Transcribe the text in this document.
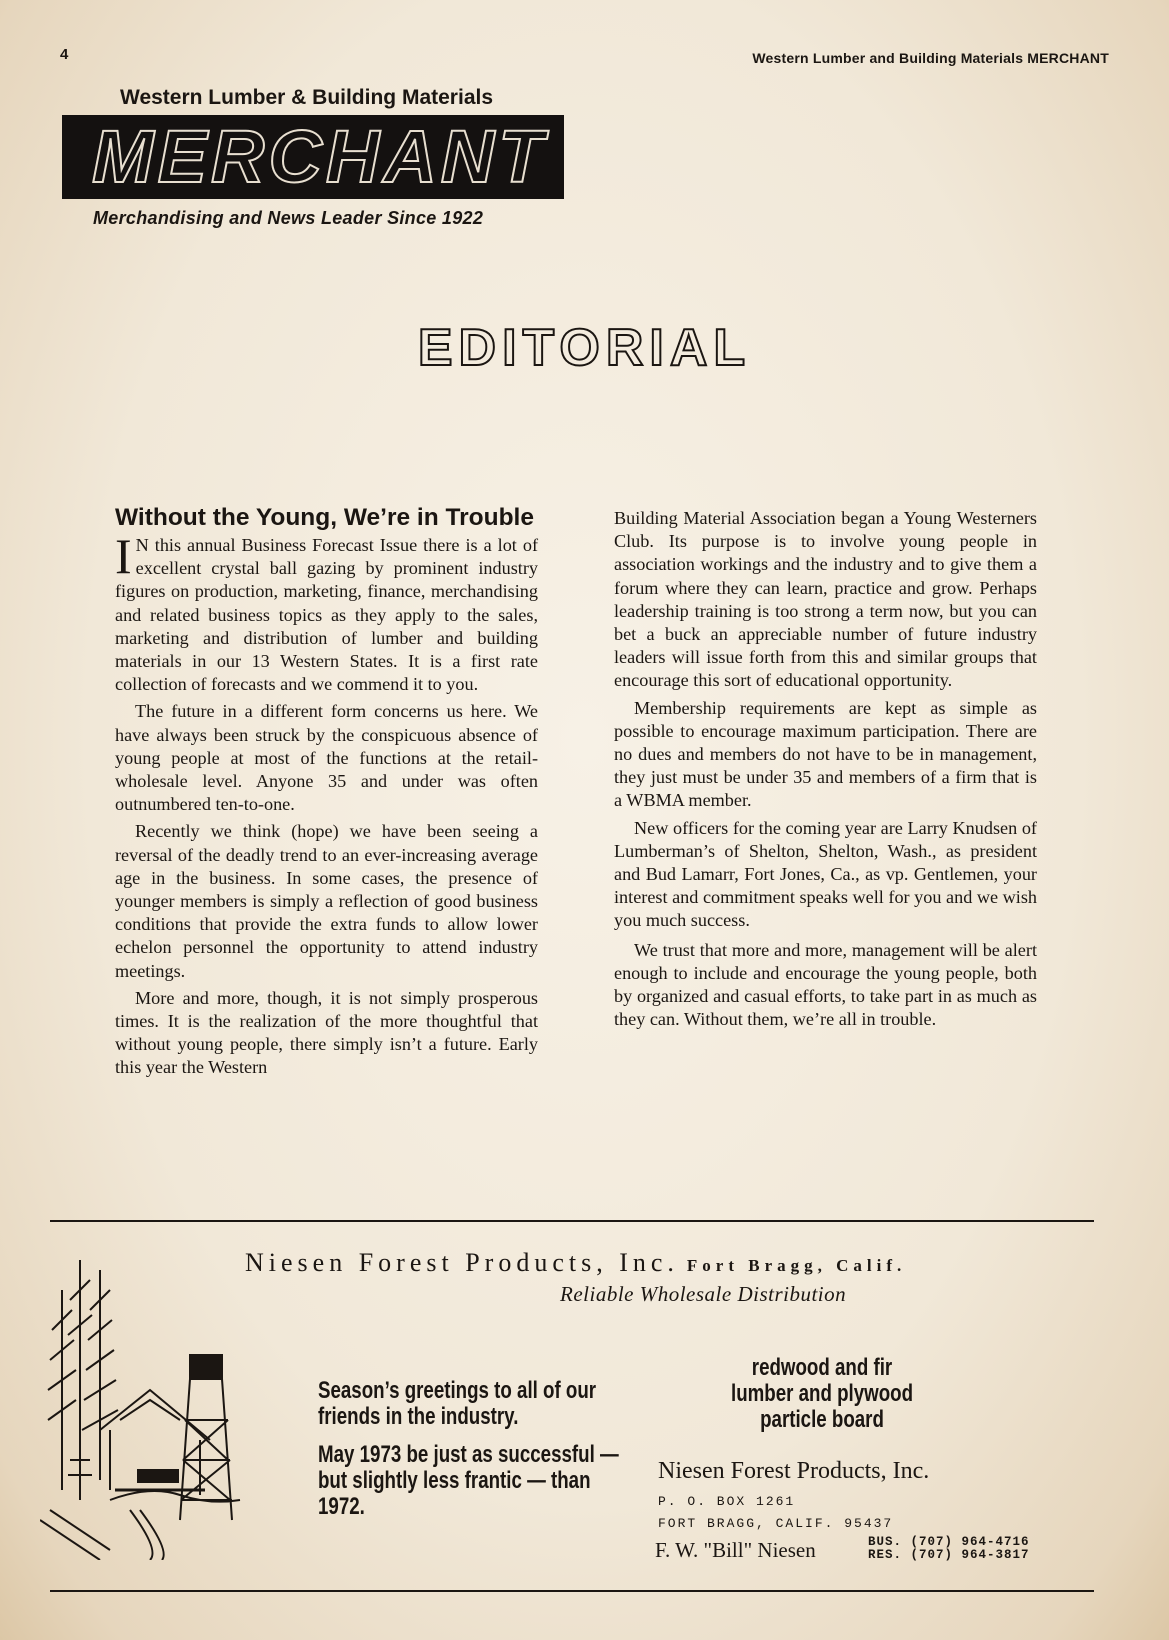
4	Western Lumber and Building Materials MERCHANT
Western Lumber & Building Materials
MERCHANT
Merchandising and News Leader Since 1922
EDITORIAL
Without the Young, We’re in Trouble

I N this annual Business Forecast Issue there is a lot of excellent crystal ball gazing by prominent industry figures on production, marketing, finance, merchandising and related business topics as they apply to the sales, marketing and distribution of lumber and building materials in our 13 Western States. It is a first rate collection of forecasts and we commend it to you.

The future in a different form concerns us here. We have always been struck by the conspicuous absence of young people at most of the functions at the retail-wholesale level. Anyone 35 and under was often outnumbered ten-to-one.

Recently we think (hope) we have been seeing a reversal of the deadly trend to an ever-increasing average age in the business. In some cases, the presence of younger members is simply a reflection of good business conditions that provide the extra funds to allow lower echelon personnel the opportunity to attend industry meetings.

More and more, though, it is not simply prosperous times. It is the realization of the more thoughtful that without young people, there simply isn’t a future. Early this year the Western

Building Material Association began a Young Westerners Club. Its purpose is to involve young people in association workings and the industry and to give them a forum where they can learn, practice and grow. Perhaps leadership training is too strong a term now, but you can bet a buck an appreciable number of future industry leaders will issue forth from this and similar groups that encourage this sort of educational opportunity.

Membership requirements are kept as simple as possible to encourage maximum participation. There are no dues and members do not have to be in management, they just must be under 35 and members of a firm that is a WBMA member.

New officers for the coming year are Larry Knudsen of Lumberman’s of Shelton, Shelton, Wash., as president and Bud Lamarr, Fort Jones, Ca., as vp. Gentlemen, your interest and commitment speaks well for you and we wish you much success.

We trust that more and more, management will be alert enough to include and encourage the young people, both by organized and casual efforts, to take part in as much as they can. Without them, we’re all in trouble.

Niesen Forest Products, Inc. Fort Bragg, Calif.
Reliable Wholesale Distribution
Season’s greetings to all of our friends in the industry.
May 1973 be just as successful — but slightly less frantic — than 1972.
redwood and fir
lumber and plywood
particle board
Niesen Forest Products, Inc.
P. O. BOX 1261
FORT BRAGG, CALIF. 95437
F. W. "Bill" Niesen	BUS. (707) 964-4716
RES. (707) 964-3817
